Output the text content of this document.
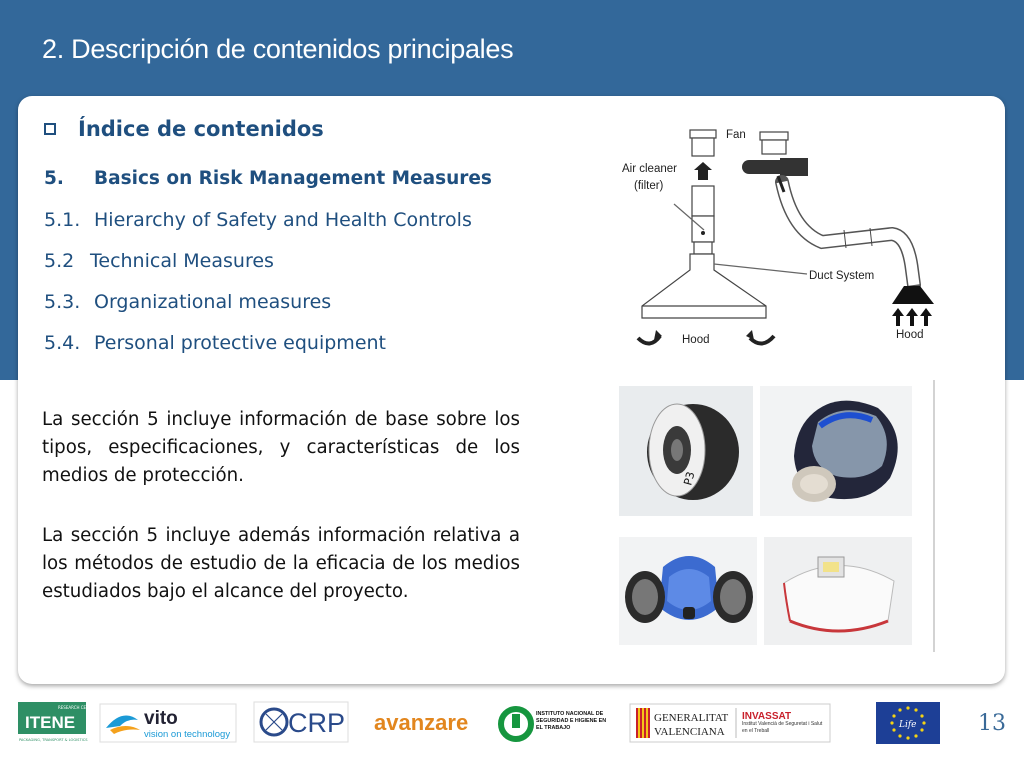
2. Descripción de contenidos principales
Índice de contenidos
5. Basics on Risk Management Measures
5.1. Hierarchy of Safety and Health Controls
5.2 Technical Measures
5.3. Organizational measures
5.4. Personal protective equipment

La sección 5 incluye información de base sobre los tipos, especificaciones, y características de los medios de protección.

La sección 5 incluye además información relativa a los métodos de estudio de la eficacia de los medios estudiados bajo el alcance del proyecto.

Fan
Air cleaner
(filter)
Duct System
Hood	Hood
P3
RESEARCH CENTER
ITENE
PACKAGING, TRANSPORT & LOGISTICS
vito
vision on technology CRP avanzare	INSTITUTO NACIONAL DE SEGURIDAD E HIGIENE EN EL TRABAJO
GENERALITAT
VALENCIANA
INVASSAT
Institut Valencià de Seguretat i Salut en el Treball
Life	13
